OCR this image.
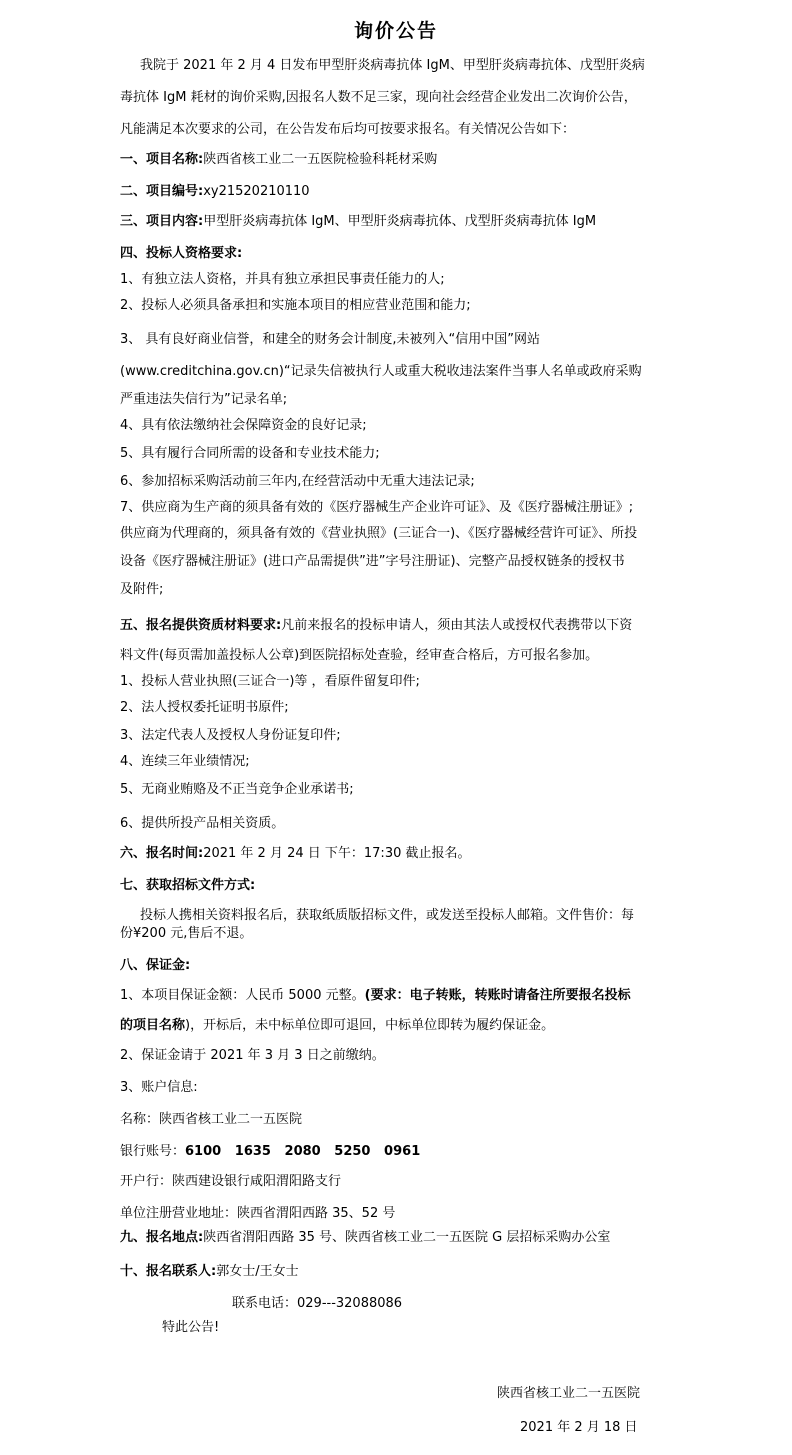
询价公告
我院于 2021 年 2 月 4 日发布甲型肝炎病毒抗体 IgM、甲型肝炎病毒抗体、戊型肝炎病
毒抗体 IgM 耗材的询价采购,因报名人数不足三家，现向社会经营企业发出二次询价公告，
凡能满足本次要求的公司，在公告发布后均可按要求报名。有关情况公告如下：
一、项目名称:陕西省核工业二一五医院检验科耗材采购
二、项目编号:xy21520210110
三、项目内容:甲型肝炎病毒抗体 IgM、甲型肝炎病毒抗体、戊型肝炎病毒抗体 IgM
四、投标人资格要求:
1、有独立法人资格，并具有独立承担民事责任能力的人;
2、投标人必须具备承担和实施本项目的相应营业范围和能力;
3、 具有良好商业信誉，和建全的财务会计制度,未被列入“信用中国”网站
(www.creditchina.gov.cn)“记录失信被执行人或重大税收违法案件当事人名单或政府采购
严重违法失信行为”记录名单;
4、具有依法缴纳社会保障资金的良好记录;
5、具有履行合同所需的设备和专业技术能力;
6、参加招标采购活动前三年内,在经营活动中无重大违法记录;
7、供应商为生产商的须具备有效的《医疗器械生产企业许可证》、及《医疗器械注册证》;
供应商为代理商的，须具备有效的《营业执照》(三证合一)、《医疗器械经营许可证》、所投
设备《医疗器械注册证》(进口产品需提供”进”字号注册证)、完整产品授权链条的授权书
及附件;
五、报名提供资质材料要求:凡前来报名的投标申请人，须由其法人或授权代表携带以下资
料文件(每页需加盖投标人公章)到医院招标处查验，经审查合格后，方可报名参加。
1、投标人营业执照(三证合一)等 ，看原件留复印件;
2、法人授权委托证明书原件;
3、法定代表人及授权人身份证复印件;
4、连续三年业绩情况;
5、无商业贿赂及不正当竞争企业承诺书;
6、提供所投产品相关资质。
六、报名时间:2021 年 2 月 24 日 下午：17:30 截止报名。
七、获取招标文件方式:
投标人携相关资料报名后，获取纸质版招标文件，或发送至投标人邮箱。文件售价：每
份¥200 元,售后不退。
八、保证金:
1、本项目保证金额：人民币 5000 元整。(要求：电子转账，转账时请备注所要报名投标
的项目名称)，开标后，未中标单位即可退回，中标单位即转为履约保证金。
2、保证金请于 2021 年 3 月 3 日之前缴纳。
3、账户信息:
名称：陕西省核工业二一五医院
银行账号：6100   1635   2080   5250   0961
开户行：陕西建设银行咸阳渭阳路支行
单位注册营业地址：陕西省渭阳西路 35、52 号
九、报名地点:陕西省渭阳西路 35 号、陕西省核工业二一五医院 G 层招标采购办公室
十、报名联系人:郭女士/王女士
联系电话：029---32088086
特此公告!
陕西省核工业二一五医院
2021 年 2 月 18 日
